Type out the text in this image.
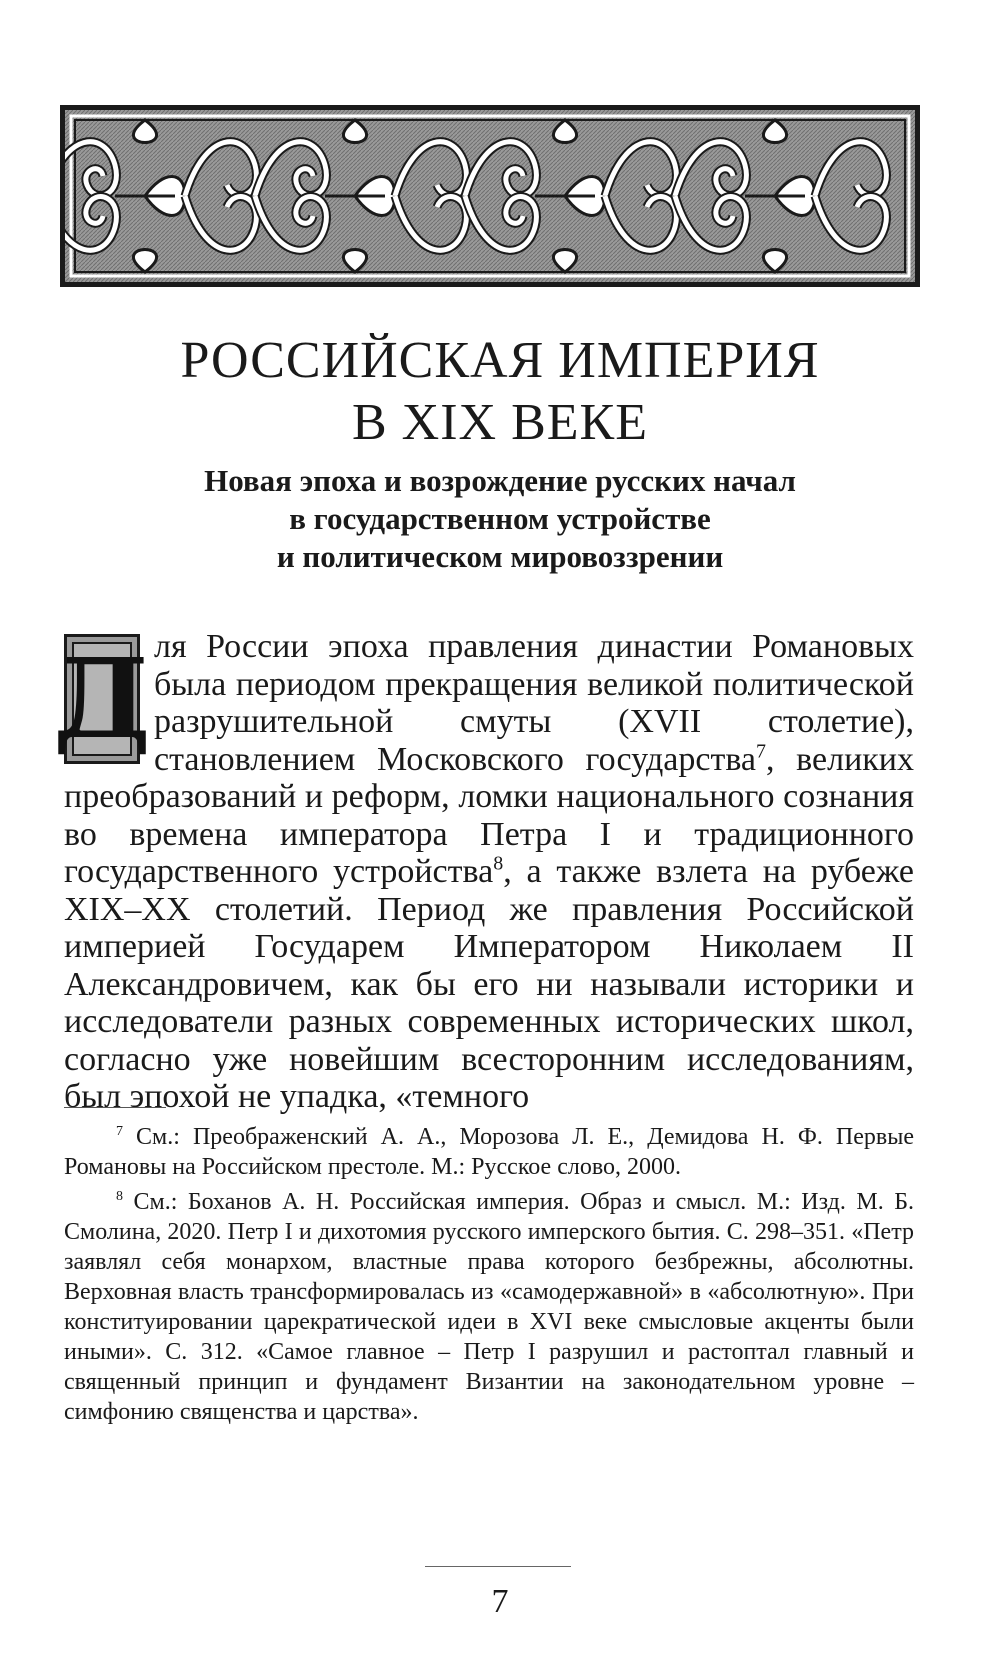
РОССИЙСКАЯ ИМПЕРИЯ
В XIX ВЕКЕ
Новая эпоха и возрождение русских начал
в государственном устройстве
и политическом мировоззрении

Д ля России эпоха правления династии Романовых была периодом прекращения великой политической разрушительной смуты (XVII столетие), становлением Московского государства$^7$, великих преобразований и реформ, ломки национального сознания во времена императора Петра I и традиционного государственного устройства$^8$, а также взлета на рубеже XIX–XX столетий. Период же правления Российской империей Государем Императором Николаем II Александровичем, как бы его ни называли историки и исследователи разных современных исторических школ, согласно уже новейшим всесторонним исследованиям, был эпохой не упадка, «темного

$^7$ См.: Преображенский А. А., Морозова Л. Е., Демидова Н. Ф. Первые Романовы на Российском престоле. М.: Русское слово, 2000.

$^8$ См.: Боханов А. Н. Российская империя. Образ и смысл. М.: Изд. М. Б. Смолина, 2020. Петр I и дихотомия русского имперского бытия. С. 298–351. «Петр заявлял себя монархом, властные права которого безбрежны, абсолютны. Верховная власть трансформировалась из «самодержавной» в «абсолютную». При конституировании царекратической идеи в XVI веке смысловые акценты были иными». С. 312. «Самое главное – Петр I разрушил и растоптал главный и священный принцип и фундамент Византии на законодательном уровне – симфонию священства и царства».

7
